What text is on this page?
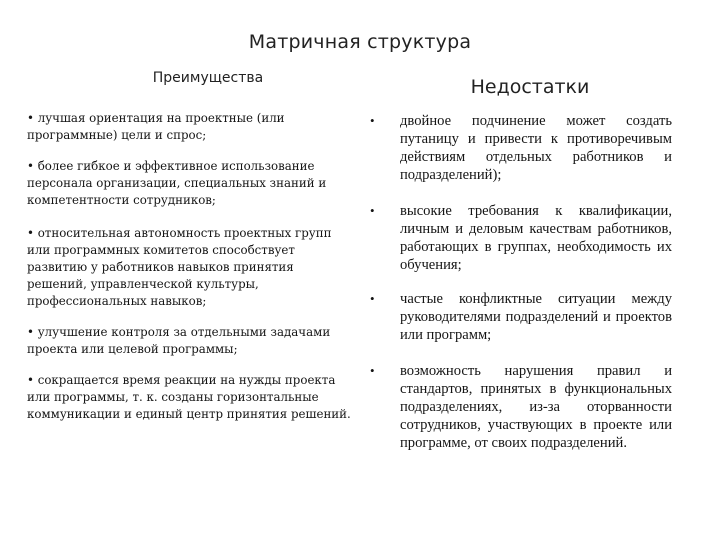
Матричная структура
Преимущества	Недостатки
• лучшая ориентация на проектные (или программные) цели и спрос;
• более гибкое и эффективное использование персонала организации, специальных знаний и компетентности сотрудников;
• относительная автономность проектных групп или программных комитетов способствует развитию у работников навыков принятия решений, управленческой культуры, профессиональных навыков;
• улучшение контроля за отдельными задачами проекта или целевой программы;
• сокращается время реакции на нужды проекта или программы, т. к. созданы горизонтальные коммуникации и единый центр принятия решений.
• двойное подчинение может создать путаницу и привести к противоречивым действиям отдельных работников и подразделений);
• высокие требования к квалификации, личным и деловым качествам работников, работающих в группах, необходимость их обучения;
• частые конфликтные ситуации между руководителями подразделений и проектов или программ;
• возможность нарушения правил и стандартов, принятых в функциональных подразделениях, из-за оторванности сотрудников, участвующих в проекте или программе, от своих подразделений.
